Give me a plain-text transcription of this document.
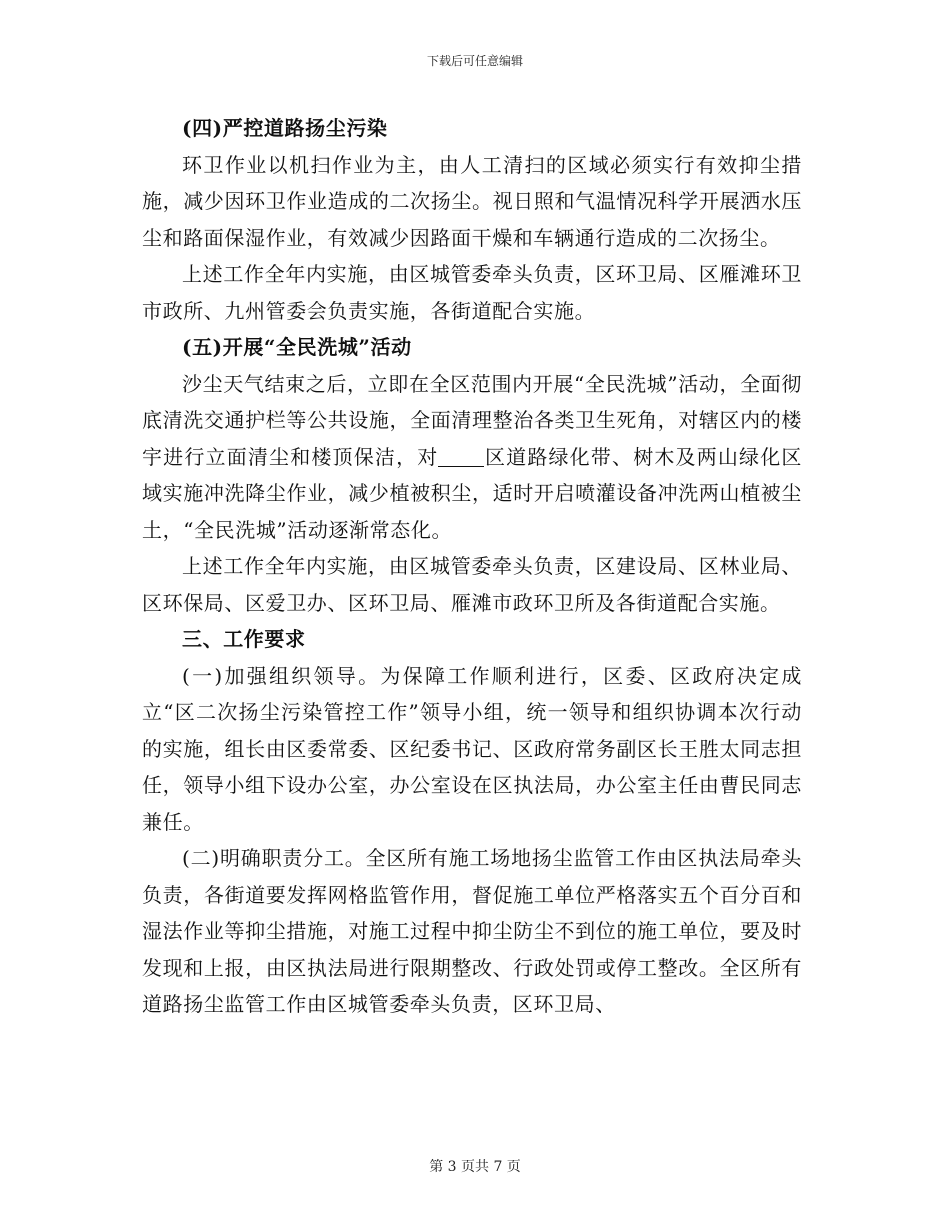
下载后可任意编辑

(四)严控道路扬尘污染

环卫作业以机扫作业为主，由人工清扫的区域必须实行有效抑尘措施，减少因环卫作业造成的二次扬尘。视日照和气温情况科学开展洒水压尘和路面保湿作业，有效减少因路面干燥和车辆通行造成的二次扬尘。

上述工作全年内实施，由区城管委牵头负责，区环卫局、区雁滩环卫市政所、九州管委会负责实施，各街道配合实施。

(五)开展“全民洗城”活动

沙尘天气结束之后，立即在全区范围内开展“全民洗城”活动，全面彻底清洗交通护栏等公共设施，全面清理整治各类卫生死角，对辖区内的楼宇进行立面清尘和楼顶保洁，对 区道路绿化带、树木及两山绿化区域实施冲洗降尘作业，减少植被积尘，适时开启喷灌设备冲洗两山植被尘土，“全民洗城”活动逐渐常态化。

上述工作全年内实施，由区城管委牵头负责，区建设局、区林业局、区环保局、区爱卫办、区环卫局、雁滩市政环卫所及各街道配合实施。

三、工作要求

(一)加强组织领导。为保障工作顺利进行，区委、区政府决定成立“区二次扬尘污染管控工作”领导小组，统一领导和组织协调本次行动的实施，组长由区委常委、区纪委书记、区政府常务副区长王胜太同志担任，领导小组下设办公室，办公室设在区执法局，办公室主任由曹民同志兼任。

(二)明确职责分工。全区所有施工场地扬尘监管工作由区执法局牵头负责，各街道要发挥网格监管作用，督促施工单位严格落实五个百分百和湿法作业等抑尘措施，对施工过程中抑尘防尘不到位的施工单位，要及时发现和上报，由区执法局进行限期整改、行政处罚或停工整改。全区所有道路扬尘监管工作由区城管委牵头负责，区环卫局、

第 3 页共 7 页
